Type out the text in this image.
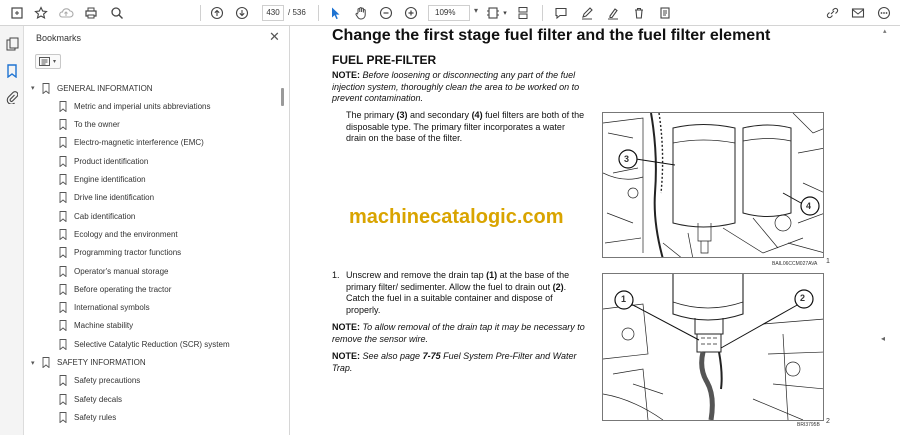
430	/ 536	109%	▾	▾
Bookmarks	✕
▾
▾	GENERAL INFORMATION
Metric and imperial units abbreviations
To the owner
Electro-magnetic interference (EMC)
Product identification
Engine identification
Drive line identification
Cab identification
Ecology and the environment
Programming tractor functions
Operator's manual storage
Before operating the tractor
International symbols
Machine stability
Selective Catalytic Reduction (SCR) system
▾	SAFETY INFORMATION
Safety precautions
Safety decals
Safety rules
Change the first stage fuel filter and the fuel filter element
FUEL PRE-FILTER
NOTE: Before loosening or disconnecting any part of the fuel injection system, thoroughly clean the area to be worked on to prevent contamination.
The primary (3) and secondary (4) fuel filters are both of the disposable type. The primary filter incorporates a water drain on the base of the filter.
1. Unscrew and remove the drain tap (1) at the base of the primary filter/ sedimenter. Allow the fuel to drain out (2). Catch the fuel in a suitable container and dispose of properly.
NOTE: To allow removal of the drain tap it may be necessary to remove the sensor wire.
NOTE: See also page 7-75 Fuel System Pre-Filter and Water Trap.
machinecatalogic.com
3
4
BAIL06CCM027AVA 1
1	2
BRI3795B 2
▴
◂
